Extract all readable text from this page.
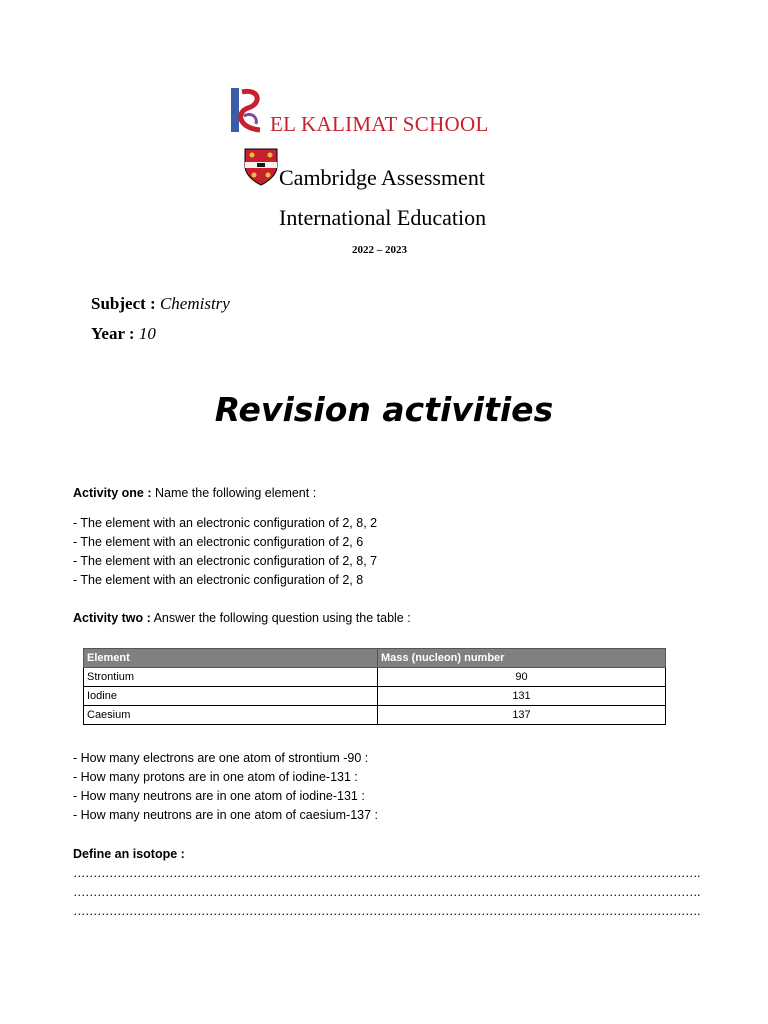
EL KALIMAT SCHOOL
Cambridge Assessment
International Education
2022 – 2023
Subject : Chemistry
Year : 10
Revision activities
Activity one : Name the following element :
- The element with an electronic configuration of 2, 8, 2
- The element with an electronic configuration of 2, 6
- The element with an electronic configuration of 2, 8, 7
- The element with an electronic configuration of 2, 8
Activity two : Answer the following question using the table :
Element	Mass (nucleon) number
Strontium	90
Iodine	131
Caesium	137
- How many electrons are one atom of strontium -90 :
- How many protons are in one atom of iodine-131 :
- How many neutrons are in one atom of iodine-131 :
- How many neutrons are in one atom of caesium-137 :
Define an isotope :
………………………………………………………………………………………………………………………………………….
………………………………………………………………………………………………………………………………………….
………………………………………………………………………………………………………………………………………….
